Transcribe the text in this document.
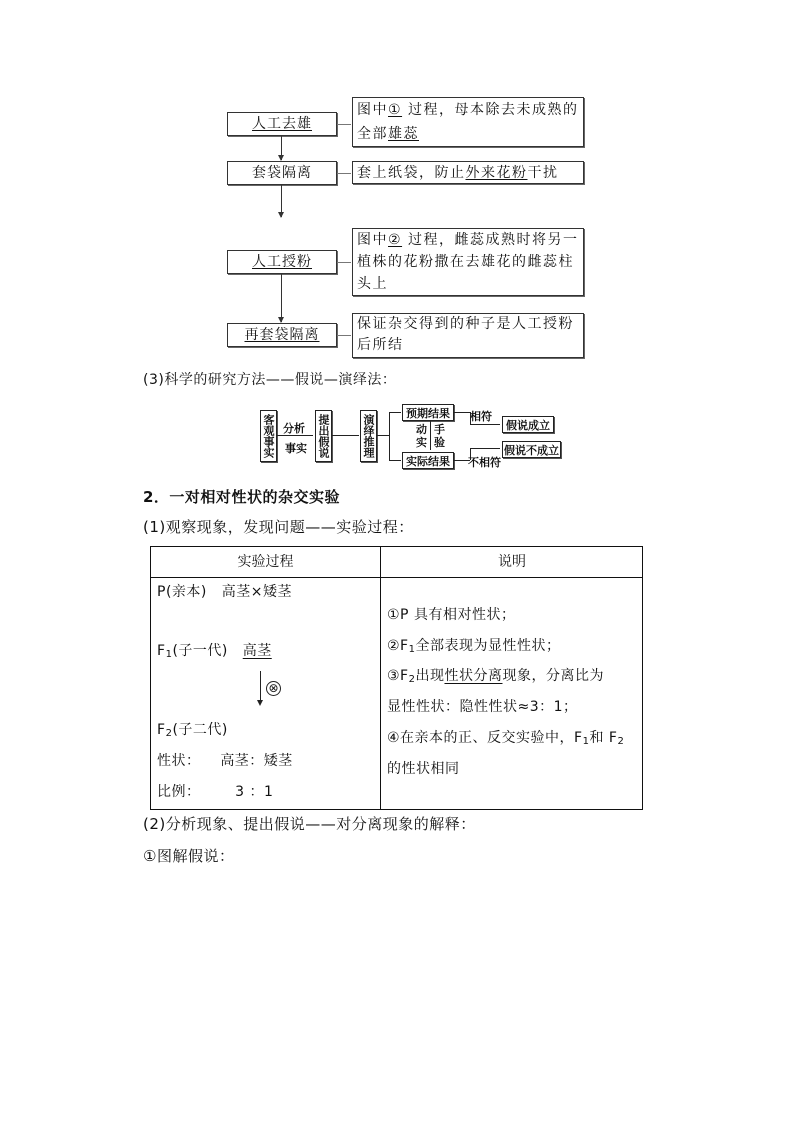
人工去雄
图中① 过程，母本除去未成熟的
全部雄蕊
套袋隔离	套上纸袋，防止外来花粉干扰
人工授粉
图中② 过程，雌蕊成熟时将另一
植株的花粉撒在去雄花的雌蕊柱
头上
再套袋隔离
保证杂交得到的种子是人工授粉
后所结
(3)科学的研究方法——假说—演绎法：
客观事实 分析
事实 提出假说	演绎推理
预期结果
实际结果
动实
手验
相符
不相符
假说成立
假说不成立
2．一对相对性状的杂交实验
(1)观察现象，发现问题——实验过程：
实验过程	说明
P(亲本) 高茎×矮茎
$F_1$(子一代) 高茎
⊗
$F_2$(子二代)
性状： 高茎：矮茎
比例： 3 ：1
①P 具有相对性状；
$②F_1$全部表现为显性性状；
$③F_2$出现性状分离现象，分离比为
显性性状：隐性性状≈3：1；
④在亲本的正、反交实验中，$F_1$和 $F_2$
的性状相同
(2)分析现象、提出假说——对分离现象的解释：
①图解假说：
